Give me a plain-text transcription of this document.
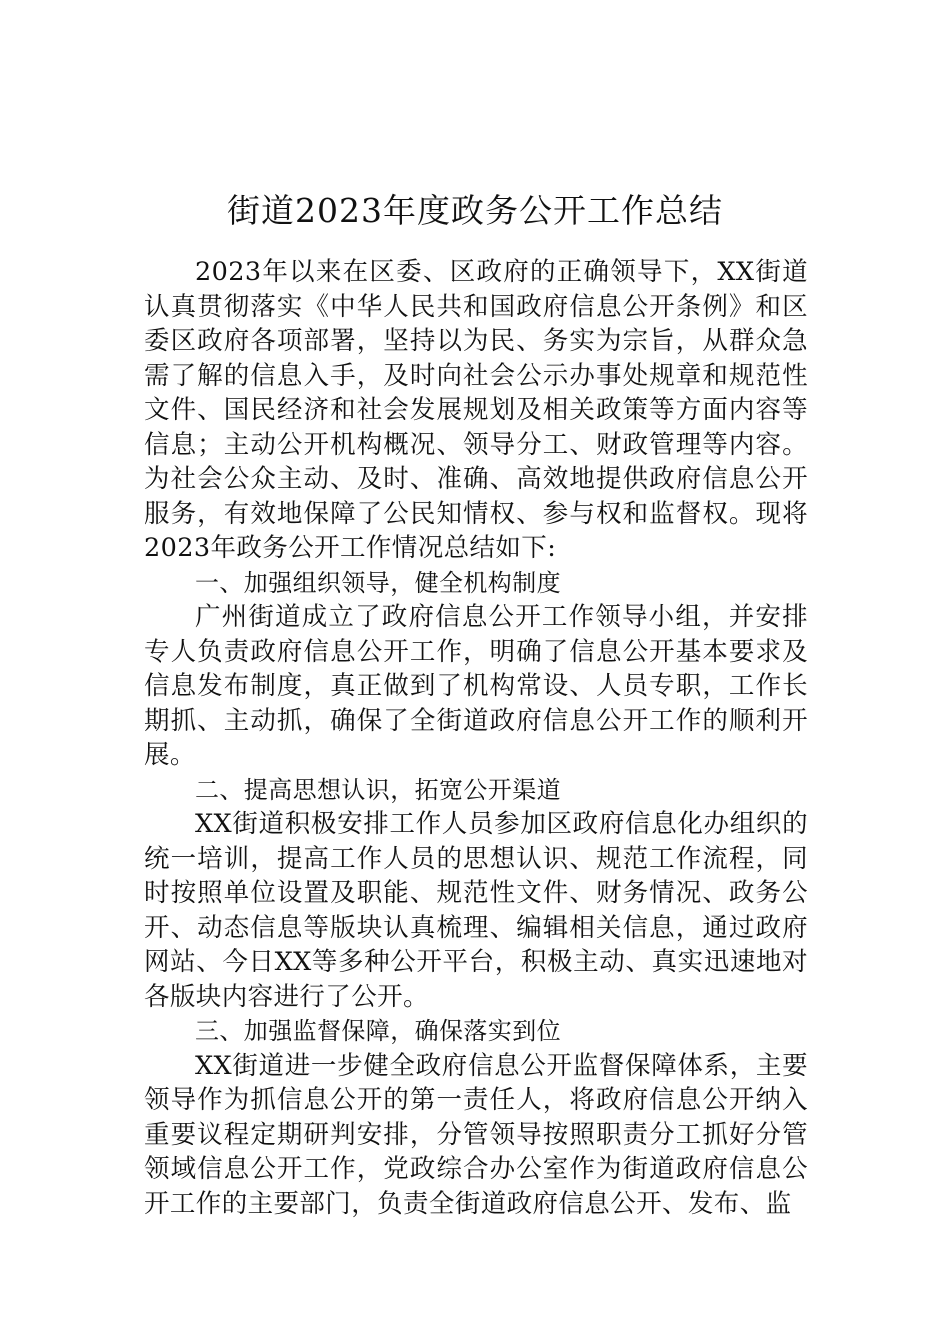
街道2023年度政务公开工作总结

2023年以来在区委、区政府的正确领导下，XX街道认真贯彻落实《中华人民共和国政府信息公开条例》和区委区政府各项部署，坚持以为民、务实为宗旨，从群众急需了解的信息入手，及时向社会公示办事处规章和规范性文件、国民经济和社会发展规划及相关政策等方面内容等信息；主动公开机构概况、领导分工、财政管理等内容。为社会公众主动、及时、准确、高效地提供政府信息公开服务，有效地保障了公民知情权、参与权和监督权。现将2023年政务公开工作情况总结如下:

一、加强组织领导，健全机构制度

广州街道成立了政府信息公开工作领导小组，并安排专人负责政府信息公开工作，明确了信息公开基本要求及信息发布制度，真正做到了机构常设、人员专职，工作长期抓、主动抓，确保了全街道政府信息公开工作的顺利开展。

二、提高思想认识，拓宽公开渠道

XX街道积极安排工作人员参加区政府信息化办组织的统一培训，提高工作人员的思想认识、规范工作流程，同时按照单位设置及职能、规范性文件、财务情况、政务公开、动态信息等版块认真梳理、编辑相关信息，通过政府网站、今日XX等多种公开平台，积极主动、真实迅速地对各版块内容进行了公开。

三、加强监督保障，确保落实到位

XX街道进一步健全政府信息公开监督保障体系，主要领导作为抓信息公开的第一责任人，将政府信息公开纳入重要议程定期研判安排，分管领导按照职责分工抓好分管领域信息公开工作，党政综合办公室作为街道政府信息公开工作的主要部门，负责全街道政府信息公开、发布、监
